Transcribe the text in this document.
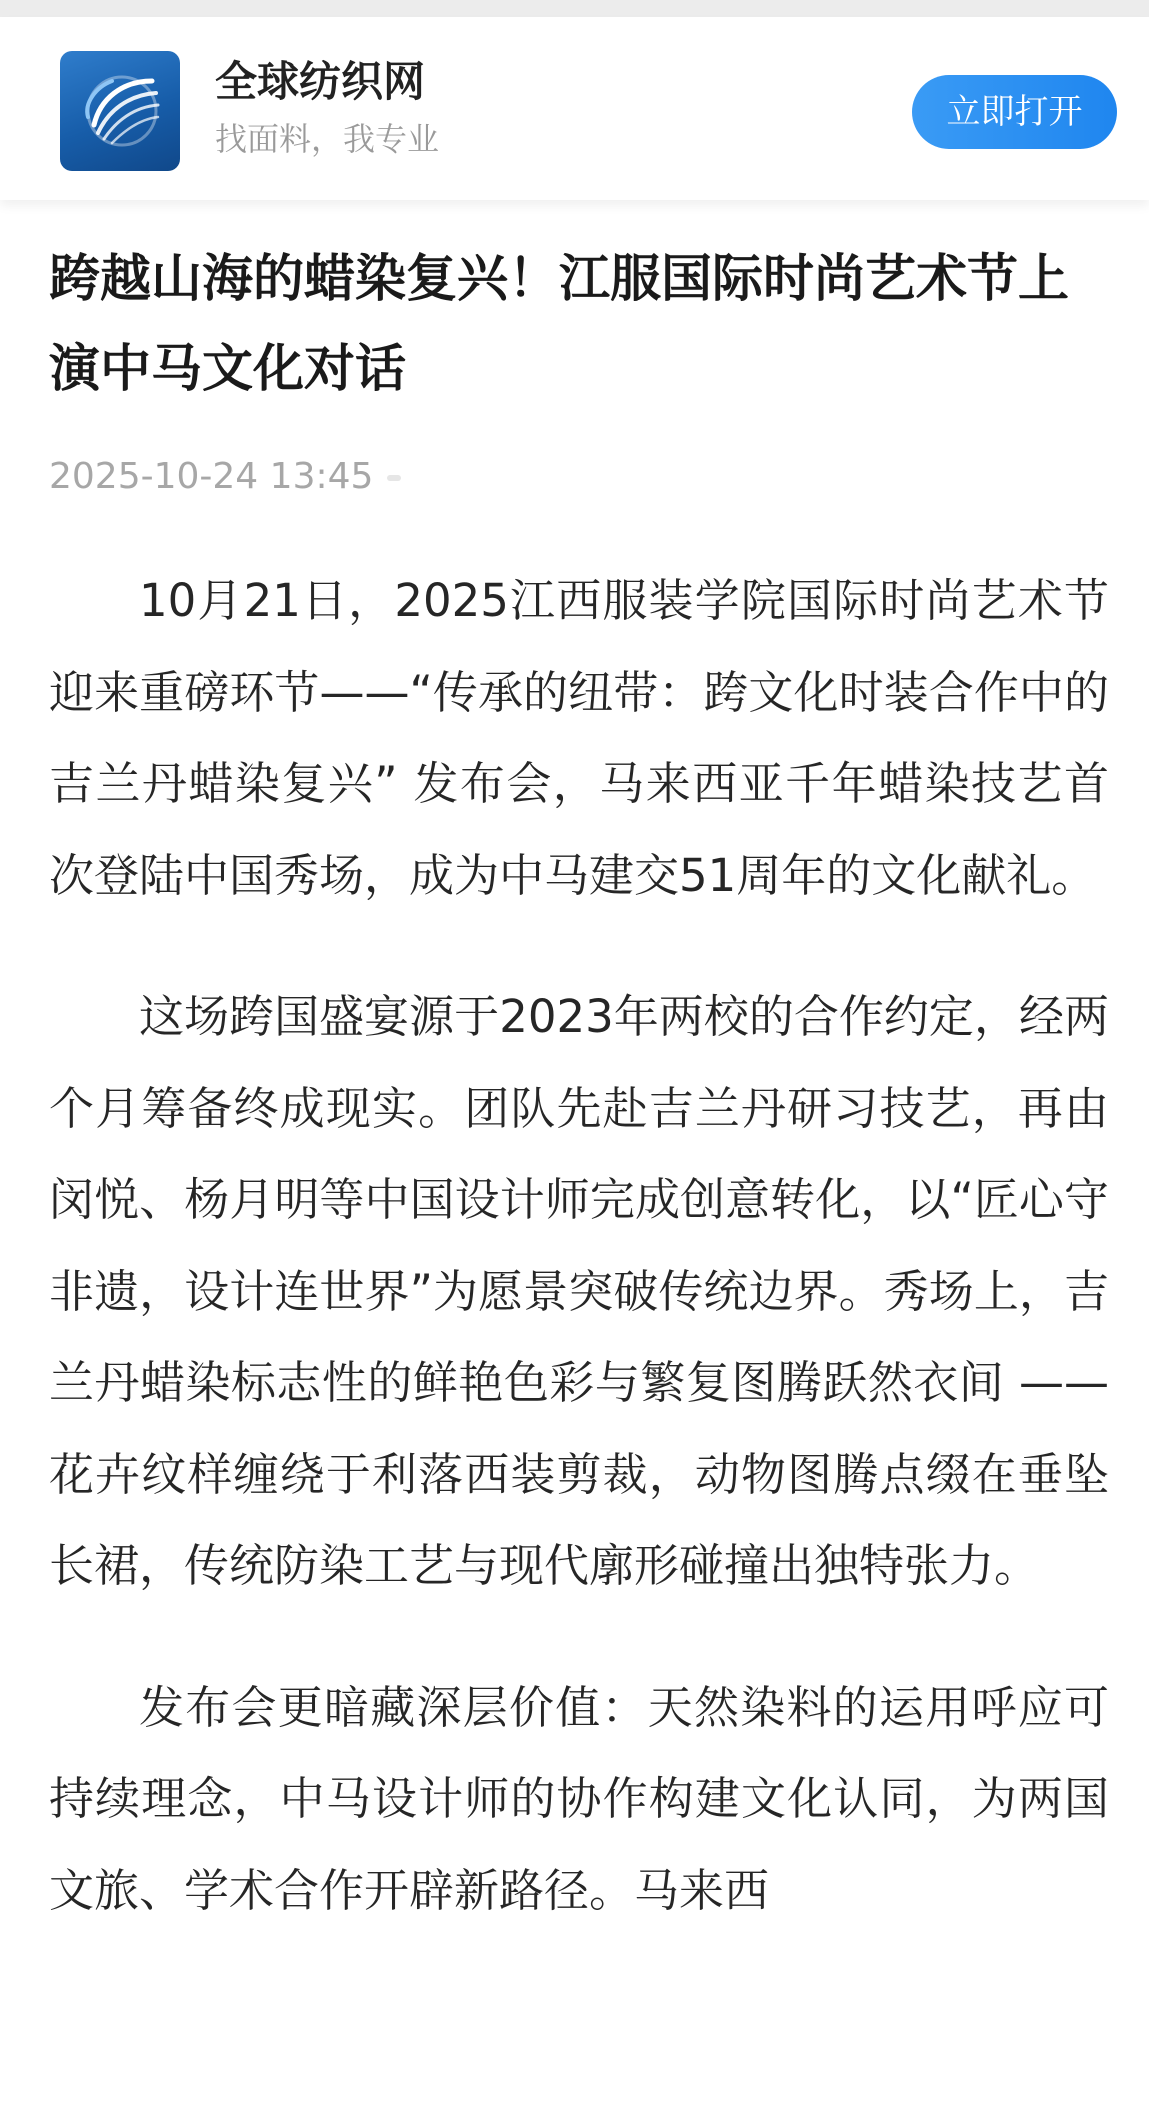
全球纺织网
找面料，我专业
立即打开
跨越山海的蜡染复兴！江服国际时尚艺术节上演中马文化对话
2025-10-24 13:45

10月21日，2025江西服装学院国际时尚艺术节迎来重磅环节——“传承的纽带：跨文化时装合作中的吉兰丹蜡染复兴” 发布会，马来西亚千年蜡染技艺首次登陆中国秀场，成为中马建交51周年的文化献礼。

这场跨国盛宴源于2023年两校的合作约定，经两个月筹备终成现实。团队先赴吉兰丹研习技艺，再由闵悦、杨月明等中国设计师完成创意转化，以“匠心守非遗，设计连世界”为愿景突破传统边界。秀场上，吉兰丹蜡染标志性的鲜艳色彩与繁复图腾跃然衣间 —— 花卉纹样缠绕于利落西装剪裁，动物图腾点缀在垂坠长裙，传统防染工艺与现代廓形碰撞出独特张力。

发布会更暗藏深层价值：天然染料的运用呼应可持续理念，中马设计师的协作构建文化认同，为两国文旅、学术合作开辟新路径。马来西
